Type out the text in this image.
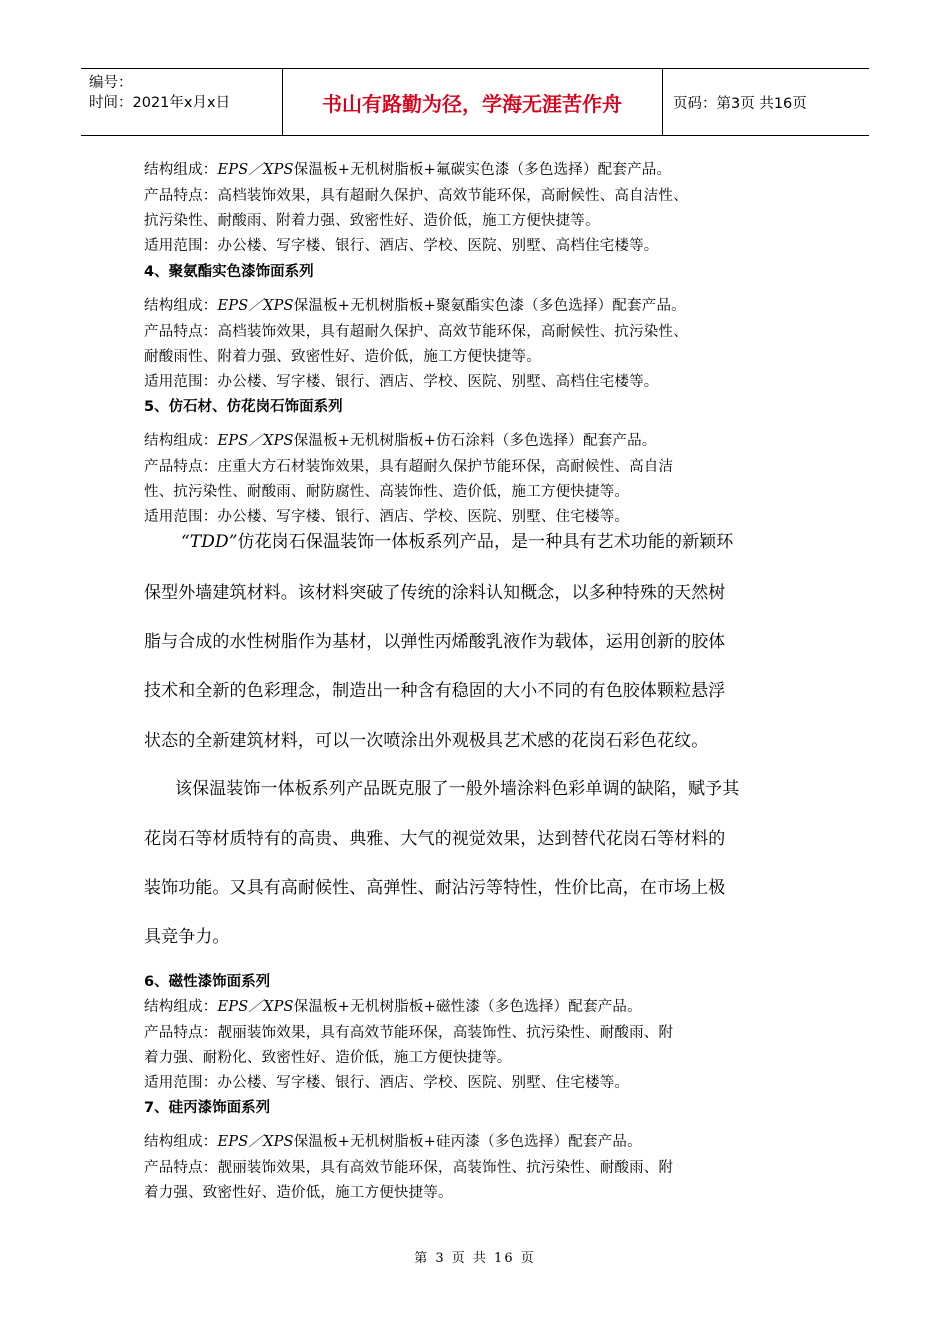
编号：
时间：2021年x月x日	书山有路勤为径，学海无涯苦作舟	页码：第3页 共16页
结构组成：EPS／XPS保温板+无机树脂板+氟碳实色漆（多色选择）配套产品。
产品特点：高档装饰效果，具有超耐久保护、高效节能环保，高耐候性、高自洁性、
抗污染性、耐酸雨、附着力强、致密性好、造价低，施工方便快捷等。
适用范围：办公楼、写字楼、银行、酒店、学校、医院、别墅、高档住宅楼等。
4、聚氨酯实色漆饰面系列
结构组成：EPS／XPS保温板+无机树脂板+聚氨酯实色漆（多色选择）配套产品。
产品特点：高档装饰效果，具有超耐久保护、高效节能环保，高耐候性、抗污染性、
耐酸雨性、附着力强、致密性好、造价低，施工方便快捷等。
适用范围：办公楼、写字楼、银行、酒店、学校、医院、别墅、高档住宅楼等。
5、仿石材、仿花岗石饰面系列
结构组成：EPS／XPS保温板+无机树脂板+仿石涂料（多色选择）配套产品。
产品特点：庄重大方石材装饰效果，具有超耐久保护节能环保，高耐候性、高自洁
性、抗污染性、耐酸雨、耐防腐性、高装饰性、造价低，施工方便快捷等。
适用范围：办公楼、写字楼、银行、酒店、学校、医院、别墅、住宅楼等。
“TDD”仿花岗石保温装饰一体板系列产品，是一种具有艺术功能的新颖环
保型外墙建筑材料。该材料突破了传统的涂料认知概念，以多种特殊的天然树
脂与合成的水性树脂作为基材，以弹性丙烯酸乳液作为载体，运用创新的胶体
技术和全新的色彩理念，制造出一种含有稳固的大小不同的有色胶体颗粒悬浮
状态的全新建筑材料，可以一次喷涂出外观极具艺术感的花岗石彩色花纹。
该保温装饰一体板系列产品既克服了一般外墙涂料色彩单调的缺陷，赋予其
花岗石等材质特有的高贵、典雅、大气的视觉效果，达到替代花岗石等材料的
装饰功能。又具有高耐候性、高弹性、耐沾污等特性，性价比高，在市场上极
具竞争力。
6、磁性漆饰面系列
结构组成：EPS／XPS保温板+无机树脂板+磁性漆（多色选择）配套产品。
产品特点：靓丽装饰效果，具有高效节能环保，高装饰性、抗污染性、耐酸雨、附
着力强、耐粉化、致密性好、造价低，施工方便快捷等。
适用范围：办公楼、写字楼、银行、酒店、学校、医院、别墅、住宅楼等。
7、硅丙漆饰面系列
结构组成：EPS／XPS保温板+无机树脂板+硅丙漆（多色选择）配套产品。
产品特点：靓丽装饰效果，具有高效节能环保，高装饰性、抗污染性、耐酸雨、附
着力强、致密性好、造价低，施工方便快捷等。
第 3 页 共 16 页
